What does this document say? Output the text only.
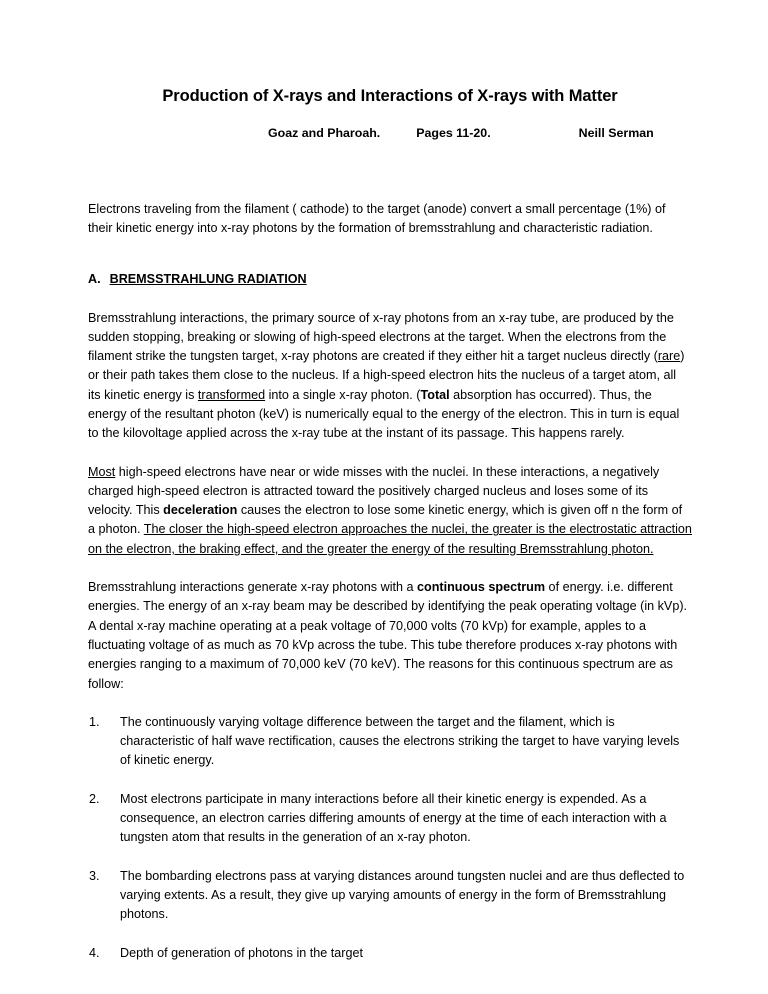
Production of X-rays and Interactions of X-rays with Matter
Goaz and Pharoah.	Pages 11-20.	Neill Serman

Electrons traveling from the filament ( cathode) to the target (anode) convert a small percentage (1%) of their kinetic energy into x-ray photons by the formation of bremsstrahlung and characteristic radiation.

A. BREMSSTRAHLUNG RADIATION

Bremsstrahlung interactions, the primary source of x-ray photons from an x-ray tube, are produced by the sudden stopping, breaking or slowing of high-speed electrons at the target. When the electrons from the filament strike the tungsten target, x-ray photons are created if they either hit a target nucleus directly (rare) or their path takes them close to the nucleus. If a high-speed electron hits the nucleus of a target atom, all its kinetic energy is transformed into a single x-ray photon. (Total absorption has occurred). Thus, the energy of the resultant photon (keV) is numerically equal to the energy of the electron. This in turn is equal to the kilovoltage applied across the x-ray tube at the instant of its passage. This happens rarely.

Most high-speed electrons have near or wide misses with the nuclei. In these interactions, a negatively charged high-speed electron is attracted toward the positively charged nucleus and loses some of its velocity. This deceleration causes the electron to lose some kinetic energy, which is given off n the form of a photon. The closer the high-speed electron approaches the nuclei, the greater is the electrostatic attraction on the electron, the braking effect, and the greater the energy of the resulting Bremsstrahlung photon.

Bremsstrahlung interactions generate x-ray photons with a continuous spectrum of energy. i.e. different energies. The energy of an x-ray beam may be described by identifying the peak operating voltage (in kVp). A dental x-ray machine operating at a peak voltage of 70,000 volts (70 kVp) for example, apples to a fluctuating voltage of as much as 70 kVp across the tube. This tube therefore produces x-ray photons with energies ranging to a maximum of 70,000 keV (70 keV). The reasons for this continuous spectrum are as follow:

1.	The continuously varying voltage difference between the target and the filament, which is characteristic of half wave rectification, causes the electrons striking the target to have varying levels of kinetic energy.
2.	Most electrons participate in many interactions before all their kinetic energy is expended. As a consequence, an electron carries differing amounts of energy at the time of each interaction with a tungsten atom that results in the generation of an x-ray photon.
3.	The bombarding electrons pass at varying distances around tungsten nuclei and are thus deflected to varying extents. As a result, they give up varying amounts of energy in the form of Bremsstrahlung photons.
4.	Depth of generation of photons in the target
